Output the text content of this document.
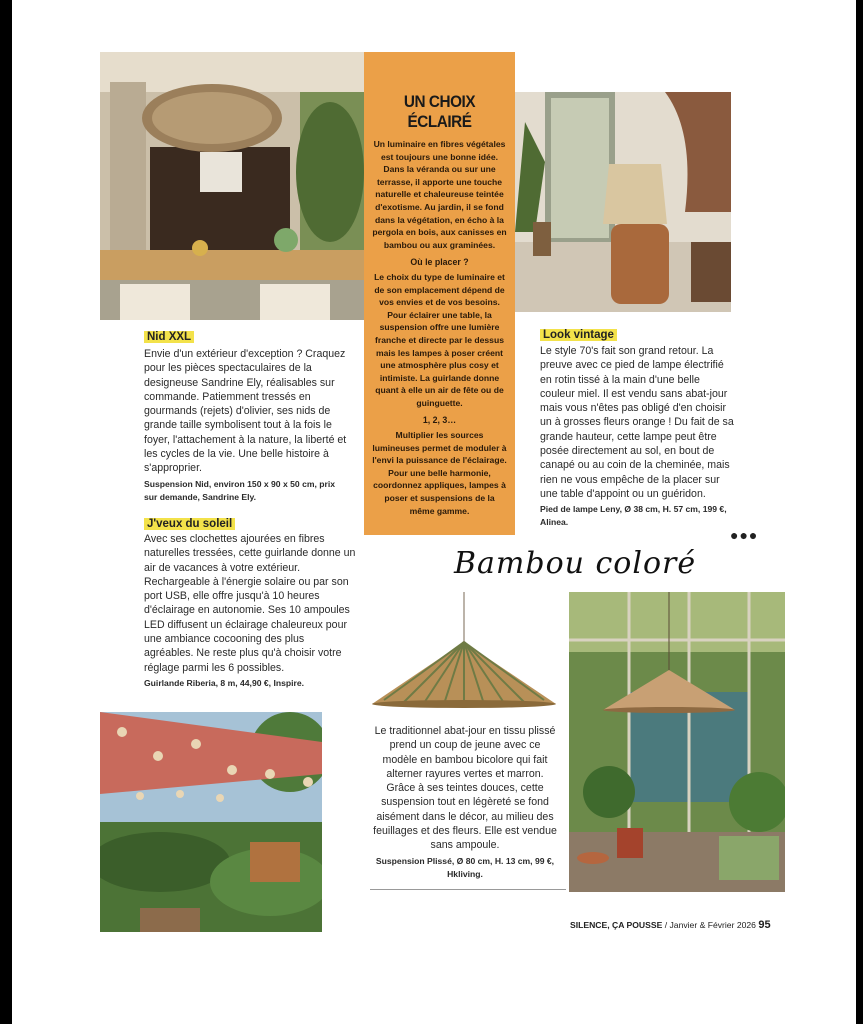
UN CHOIX ÉCLAIRÉ

Un luminaire en fibres végétales est toujours une bonne idée. Dans la véranda ou sur une terrasse, il apporte une touche naturelle et chaleureuse teintée d'exotisme. Au jardin, il se fond dans la végétation, en écho à la pergola en bois, aux canisses en bambou ou aux graminées.

Où le placer ?

Le choix du type de luminaire et de son emplacement dépend de vos envies et de vos besoins. Pour éclairer une table, la suspension offre une lumière franche et directe par le dessus mais les lampes à poser créent une atmosphère plus cosy et intimiste. La guirlande donne quant à elle un air de fête ou de guinguette.

1, 2, 3…

Multiplier les sources lumineuses permet de moduler à l'envi la puissance de l'éclairage. Pour une belle harmonie, coordonnez appliques, lampes à poser et suspensions de la même gamme.

Nid XXL

Envie d'un extérieur d'exception ? Craquez pour les pièces spectaculaires de la designeuse Sandrine Ely, réalisables sur commande. Patiemment tressés en gourmands (rejets) d'olivier, ses nids de grande taille symbolisent tout à la fois le foyer, l'attachement à la nature, la liberté et les cycles de la vie. Une belle histoire à s'approprier.

Suspension Nid, environ 150 x 90 x 50 cm, prix sur demande, Sandrine Ely.
J'veux du soleil

Avec ses clochettes ajourées en fibres naturelles tressées, cette guirlande donne un air de vacances à votre extérieur. Rechargeable à l'énergie solaire ou par son port USB, elle offre jusqu'à 10 heures d'éclairage en autonomie. Ses 10 ampoules LED diffusent un éclairage chaleureux pour une ambiance cocooning des plus agréables. Ne reste plus qu'à choisir votre réglage parmi les 6 possibles.

Guirlande Riberia, 8 m, 44,90 €, Inspire.
Look vintage

Le style 70's fait son grand retour. La preuve avec ce pied de lampe électrifié en rotin tissé à la main d'une belle couleur miel. Il est vendu sans abat-jour mais vous n'êtes pas obligé d'en choisir un à grosses fleurs orange ! Du fait de sa grande hauteur, cette lampe peut être posée directement au sol, en bout de canapé ou au coin de la cheminée, mais rien ne vous empêche de la placer sur une table d'appoint ou un guéridon.

Pied de lampe Leny, Ø 38 cm, H. 57 cm, 199 €, Alinea.
●●●
Bambou coloré

Le traditionnel abat-jour en tissu plissé prend un coup de jeune avec ce modèle en bambou bicolore qui fait alterner rayures vertes et marron. Grâce à ses teintes douces, cette suspension tout en légèreté se fond aisément dans le décor, au milieu des feuillages et des fleurs. Elle est vendue sans ampoule.

Suspension Plissé, Ø 80 cm, H. 13 cm, 99 €, Hkliving.
SILENCE, ÇA POUSSE / Janvier & Février 2026 95
